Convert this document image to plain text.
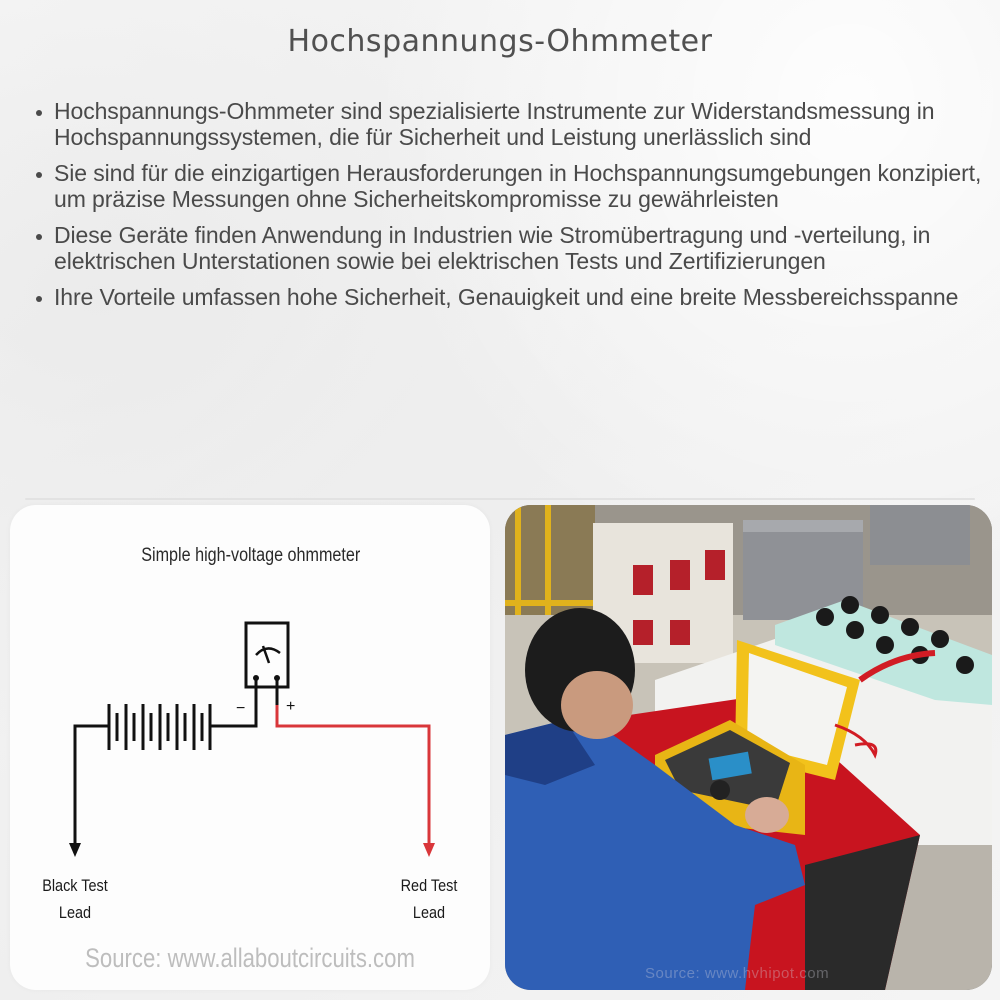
Hochspannungs-Ohmmeter
Hochspannungs-Ohmmeter sind spezialisierte Instrumente zur Widerstandsmessung in Hochspannungssystemen, die für Sicherheit und Leistung unerlässlich sind
Sie sind für die einzigartigen Herausforderungen in Hochspannungsumgebungen konzipiert, um präzise Messungen ohne Sicherheitskompromisse zu gewährleisten
Diese Geräte finden Anwendung in Industrien wie Stromübertragung und -verteilung, in elektrischen Unterstationen sowie bei elektrischen Tests und Zertifizierungen
Ihre Vorteile umfassen hohe Sicherheit, Genauigkeit und eine breite Messbereichsspanne
Simple high-voltage ohmmeter
−	+
Black Test
Lead
Red Test
Lead
Source: www.allaboutcircuits.com
Source: www.hvhipot.com
